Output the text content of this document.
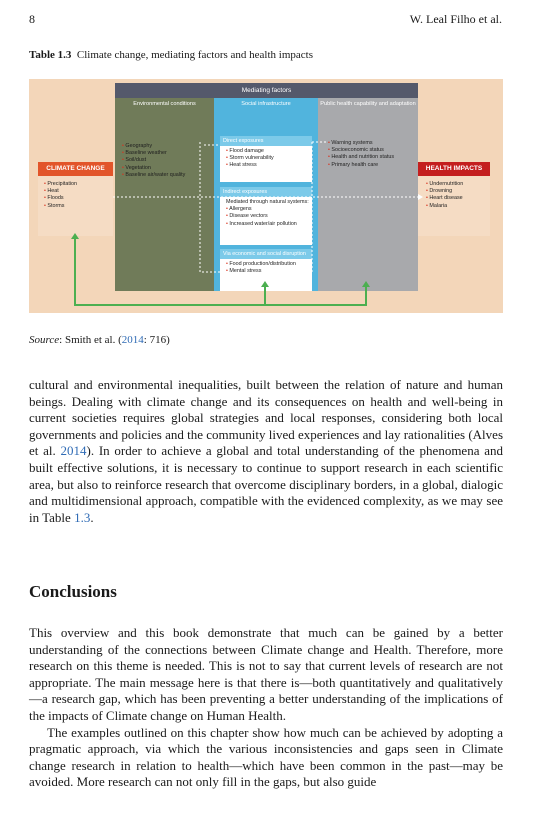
8	W. Leal Filho et al.
Table 1.3 Climate change, mediating factors and health impacts
Mediating factors
Environmental conditions
• Geography
• Baseline weather
• Soil/dust
• Vegetation
• Baseline air/water quality
Social infrastructure
Direct exposures
• Flood damage
• Storm vulnerability
• Heat stress
Indirect exposures
Mediated through natural systems:
• Allergens
• Disease vectors
• Increased water/air pollution
Via economic and social disruption
• Food production/distribution
• Mental stress
Public health capability and adaptation
• Warning systems
• Socioeconomic status
• Health and nutrition status
• Primary health care
CLIMATE CHANGE
• Precipitation
• Heat
• Floods
• Storms
HEALTH IMPACTS
• Undernutrition
• Drowning
• Heart disease
• Malaria
Source: Smith et al. (2014: 716)

cultural and environmental inequalities, built between the relation of nature and human beings. Dealing with climate change and its consequences on health and well-being in current societies requires global strategies and local responses, considering both local governments and policies and the community lived experiences and lay rationalities (Alves et al. 2014). In order to achieve a global and total understanding of the phenomena and built effective solutions, it is necessary to continue to support research in each scientific area, but also to reinforce research that overcome disciplinary borders, in a global, dialogic and multidimensional approach, compatible with the evidenced complexity, as we may see in Table 1.3.

Conclusions

This overview and this book demonstrate that much can be gained by a better understanding of the connections between Climate change and Health. Therefore, more research on this theme is needed. This is not to say that current levels of research are not appropriate. The main message here is that there is—both quantitatively and qualitatively—a research gap, which has been preventing a better understanding of the implications of the impacts of Climate change on Human Health.

The examples outlined on this chapter show how much can be achieved by adopting a pragmatic approach, via which the various inconsistencies and gaps seen in Climate change research in relation to health—which have been common in the past—may be avoided. More research can not only fill in the gaps, but also guide
